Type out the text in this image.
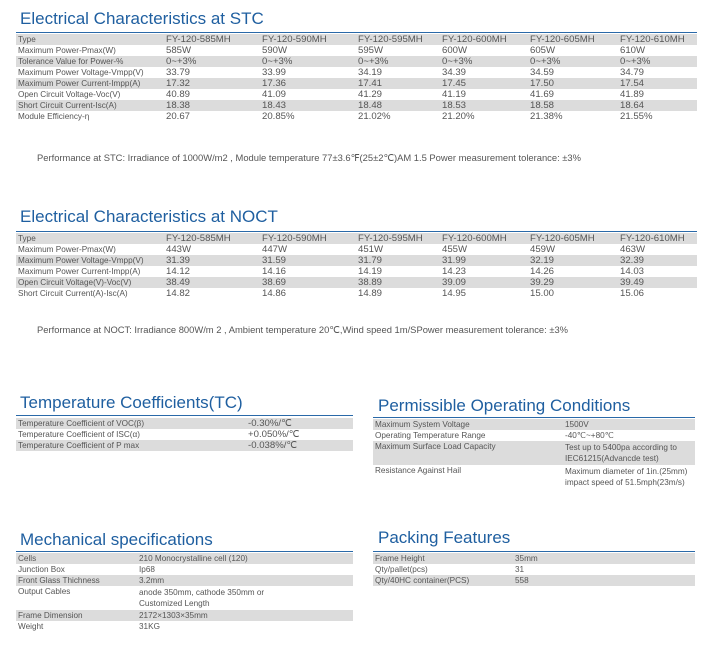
Electrical Characteristics at STC
Type	FY-120-585MH	FY-120-590MH	FY-120-595MH	FY-120-600MH	FY-120-605MH	FY-120-610MH
Maximum Power-Pmax(W)	585W	590W	595W	600W	605W	610W
Tolerance Value for Power-%	0~+3%	0~+3%	0~+3%	0~+3%	0~+3%	0~+3%
Maximum Power Voltage-Vmpp(V)	33.79	33.99	34.19	34.39	34.59	34.79
Maximum Power Current-Impp(A)	17.32	17.36	17.41	17.45	17.50	17.54
Open Circuit Voltage-Voc(V)	40.89	41.09	41.29	41.19	41.69	41.89
Short Circuit Current-Isc(A)	18.38	18.43	18.48	18.53	18.58	18.64
Module Efficiency-η	20.67	20.85%	21.02%	21.20%	21.38%	21.55%
Performance at STC: Irradiance of 1000W/m2 , Module temperature 77±3.6℉(25±2℃)AM 1.5 Power measurement tolerance: ±3%
Electrical Characteristics at NOCT
Type	FY-120-585MH	FY-120-590MH	FY-120-595MH	FY-120-600MH	FY-120-605MH	FY-120-610MH
Maximum Power-Pmax(W)	443W	447W	451W	455W	459W	463W
Maximum Power Voltage-Vmpp(V)	31.39	31.59	31.79	31.99	32.19	32.39
Maximum Power Current-Impp(A)	14.12	14.16	14.19	14.23	14.26	14.03
Open Circuit Voltage(V)-Voc(V)	38.49	38.69	38.89	39.09	39.29	39.49
Short Circuit Current(A)-Isc(A)	14.82	14.86	14.89	14.95	15.00	15.06
Performance at NOCT: Irradiance 800W/m 2 , Ambient temperature 20℃,Wind speed 1m/SPower measurement tolerance: ±3%
Temperature Coefficients(TC)
Temperature Coefficient of VOC(β)	-0.30%/℃
Temperature Coefficient of ISC(α)	+0.050%/℃
Temperature Coefficient of P max	-0.038%/℃
Permissible Operating Conditions
Maximum System Voltage	1500V
Operating Temperature Range	-40℃~+80℃
Maximum Surface Load Capacity	Test up to 5400pa according to IEC61215(Advancde test)
Resistance Against Hail	Maximum diameter of 1in.(25mm) impact speed of 51.5mph(23m/s)
Mechanical specifications
Cells	210 Monocrystalline cell (120)
Junction Box	Ip68
Front Glass Thichness	3.2mm
Output Cables	anode 350mm, cathode 350mm or Customized Length
Frame Dimension	2172×1303×35mm
Weight	31KG
Packing Features
Frame Height	35mm
Qty/pallet(pcs)	31
Qty/40HC container(PCS)	558
